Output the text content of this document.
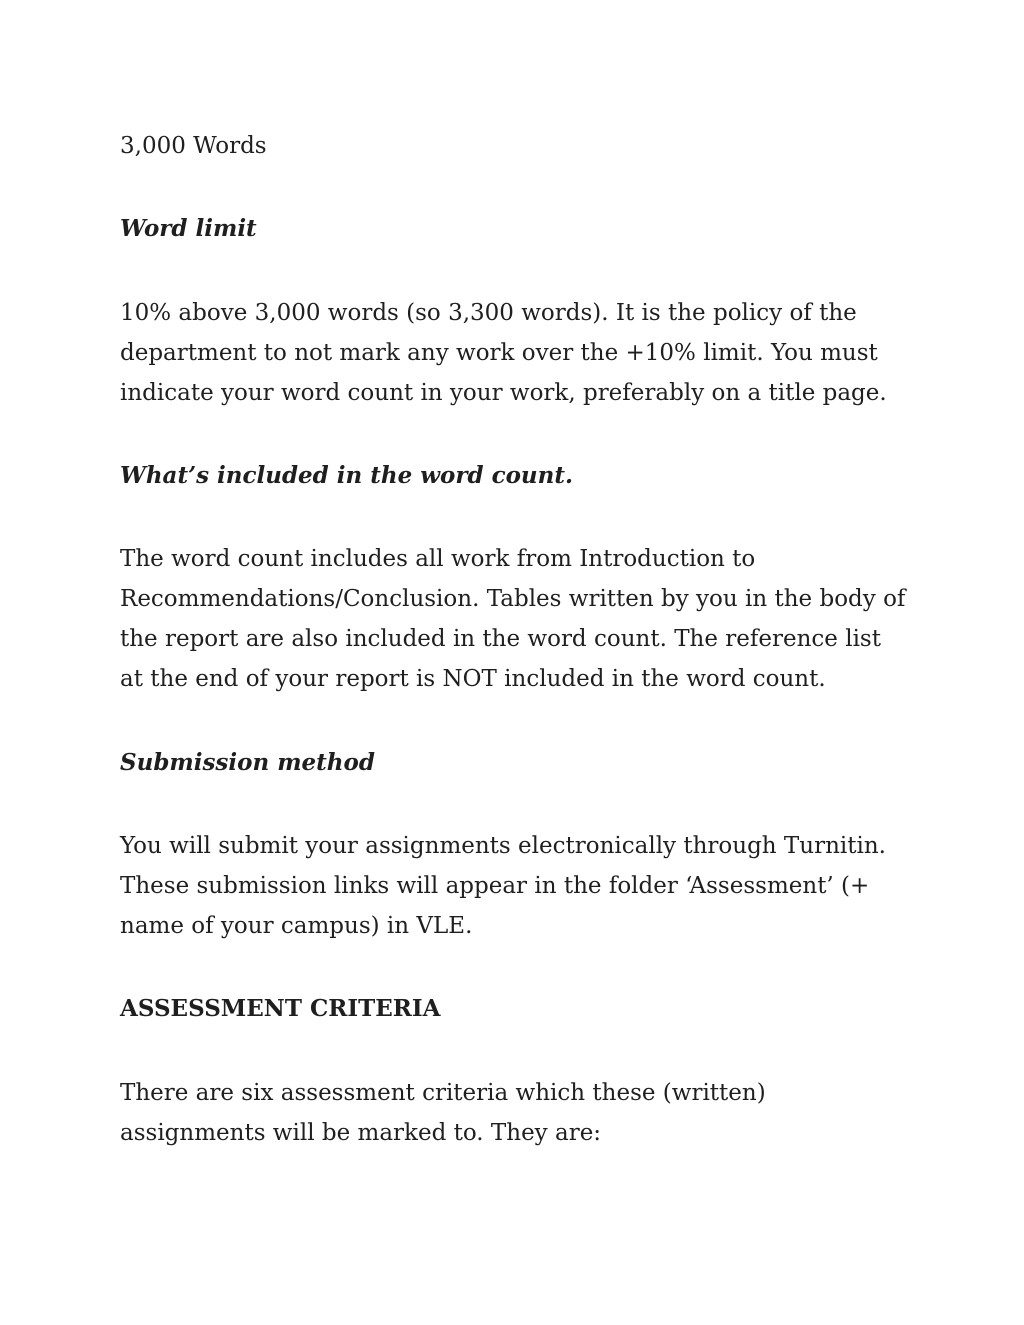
3,000 Words

Word limit

10% above 3,000 words (so 3,300 words). It is the policy of the department to not mark any work over the +10% limit. You must indicate your word count in your work, preferably on a title page.

What’s included in the word count.

The word count includes all work from Introduction to Recommendations/Conclusion. Tables written by you in the body of the report are also included in the word count. The reference list at the end of your report is NOT included in the word count.

Submission method

You will submit your assignments electronically through Turnitin. These submission links will appear in the folder ‘Assessment’ (+ name of your campus) in VLE.

ASSESSMENT CRITERIA

There are six assessment criteria which these (written) assignments will be marked to. They are:
